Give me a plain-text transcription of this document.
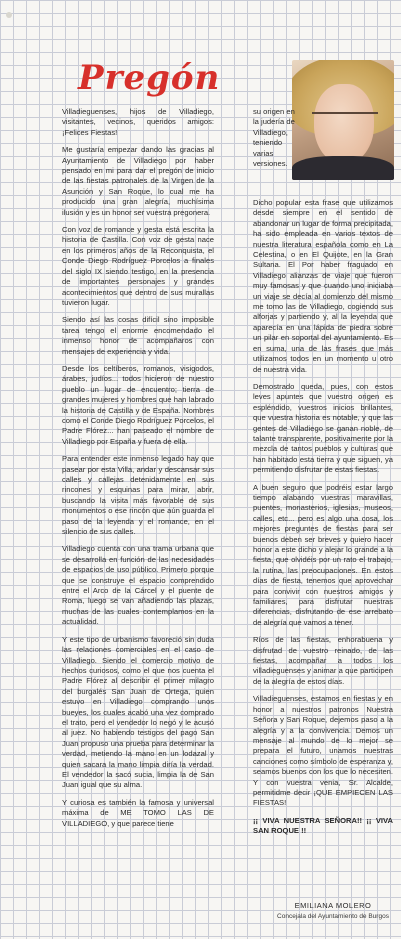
Pregón

Villadieguenses, hijos de Villadiego, visitantes, vecinos, queridos amigos: ¡Felices Fiestas!

Me gustaría empezar dando las gracias al Ayuntamiento de Villadiego por haber pensado en mi para dar el pregón de inicio de las fiestas patronales de la Virgen de la Asunción y San Roque, lo cual me ha producido una gran alegría, muchísima ilusión y es un honor ser vuestra pregonera.

Con voz de romance y gesta está escrita la historia de Castilla. Con voz de gesta nace en los primeros años de la Reconquista, el Conde Diego Rodríguez Porcelos a finales del siglo IX siendo testigo, en la presencia de importantes personajes y grandes acontecimientos que dentro de sus murallas tuvieron lugar.

Siendo así las cosas difícil sino imposible tarea tengo el enorme encomendado el inmenso honor de acompañaros con mensajes de experiencia y vida.

Desde los celtíberos, romanos, visigodos, árabes, judíos... todos hicieron de nuestro pueblo un lugar de encuentro; tierra de grandes mujeres y hombres que han labrado la historia de Castilla y de España. Nombres como el Conde Diego Rodríguez Porcelos, el Padre Flórez... han paseado el nombre de Villadiego por España y fuera de ella.

Para entender este inmenso legado hay que pasear por esta Villa, andar y descansar sus calles y callejas detenidamente en sus rincones y esquinas para mirar, abrir, buscando la visita más favorable de sus monumentos o ese rincón que aún guarda el paso de la leyenda y el romance, en el silencio de sus calles.

Villadiego cuenta con una trama urbana que se desarrolla en función de las necesidades de espacios de uso público. Primero porque que se construye el espacio comprendido entre el Arco de la Cárcel y el puente de Roma, luego se van añadiendo las plazas, muchas de las cuales contemplamos en la actualidad.

Y este tipo de urbanismo favoreció sin duda las relaciones comerciales en el caso de Villadiego. Siendo el comercio motivo de hechos curiosos, como el que nos cuenta el Padre Flórez al describir el primer milagro del burgalés San Juan de Ortega, quien estuvo en Villadiego comprando unos bueyes, los cuales acabó una vez comprado el trato, pero el vendedor lo negó y le acusó al juez. No habiendo testigos del pago San Juan propuso una prueba para determinar la verdad, metiendo la mano en un lodazal y quien sacara la mano limpia diría la verdad. El vendedor la sacó sucia, limpia la de San Juan igual que su alma.

Y curiosa es también la famosa y universal máxima de ME TOMO LAS DE VILLADIEGO, y que parece tiene

su origen en la judería de Villadiego, teniendo varias versiones.

Dicho popular esta frase que utilizamos desde siempre en el sentido de abandonar un lugar de forma precipitada, ha sido empleada en varios textos de nuestra literatura española como en La Celestina, o en El Quijote, en la Gran Sultana. El Por haber fraguado en Villadiego alianzas de viaje que fueron muy famosas y que cuando uno iniciaba un viaje se decía al comienzo del mismo me tomo las de Villadiego, cogiendo sus alforjas y partiendo y, al la leyenda que aparecía en una lápida de piedra sobre un pilar en soportal del ayuntamiento. Es en suma, una de las frases que más utilizamos todos en un momento u otro de nuestra vida.

Demostrado queda, pues, con estos leves apuntes que vuestro origen es espléndido, vuestros inicios brillantes, que vuestra historia es notable, y que las gentes de Villadiego se ganan noble, de talante transparente, positivamente por la mezcla de tantos pueblos y culturas que han habitado esta tierra y que siguen, ya permitiendo disfrutar de estas fiestas.

A buen seguro que podréis estar largo tiempo alabando vuestras maravillas, puentes, monasterios, iglesias, museos, calles, etc... pero es algo una cosa, los mejores preguntes de fiestas para ser buenos deben ser breves y quiero hacer honor a este dicho y alejar lo grande a la fiesta, que olvidéis por un rato el trabajo, la rutina, las preocupaciones. En estos días de fiesta, tenemos que aprovechar para convivir con nuestros amigos y familiares, para disfrutar nuestras diferencias, disfrutando de ese arrebato de alegría que vamos a tener.

Ríos de las fiestas, enhorabuena y disfrutad de vuestro reinado, de las fiestas, acompañar a todos los villadieguenses y animar a que participen de la alegría de estos días.

Villadieguenses, estamos en fiestas y en honor a nuestros patronos Nuestra Señora y San Roque, dejemos paso a la alegría y a la convivencia. Demos un mensaje al mundo de lo mejor se prepara el futuro, unamos nuestras canciones como símbolo de esperanza y, seamos buenos con los que lo necesiten. Y con vuestra venia, Sr. Alcalde, permitidme decir ¡QUE EMPIECEN LAS FIESTAS!

¡¡ VIVA NUESTRA SEÑORA!! ¡¡ VIVA SAN ROQUE !!

EMILIANA MOLERO
Concejala del Ayuntamiento de Burgos
